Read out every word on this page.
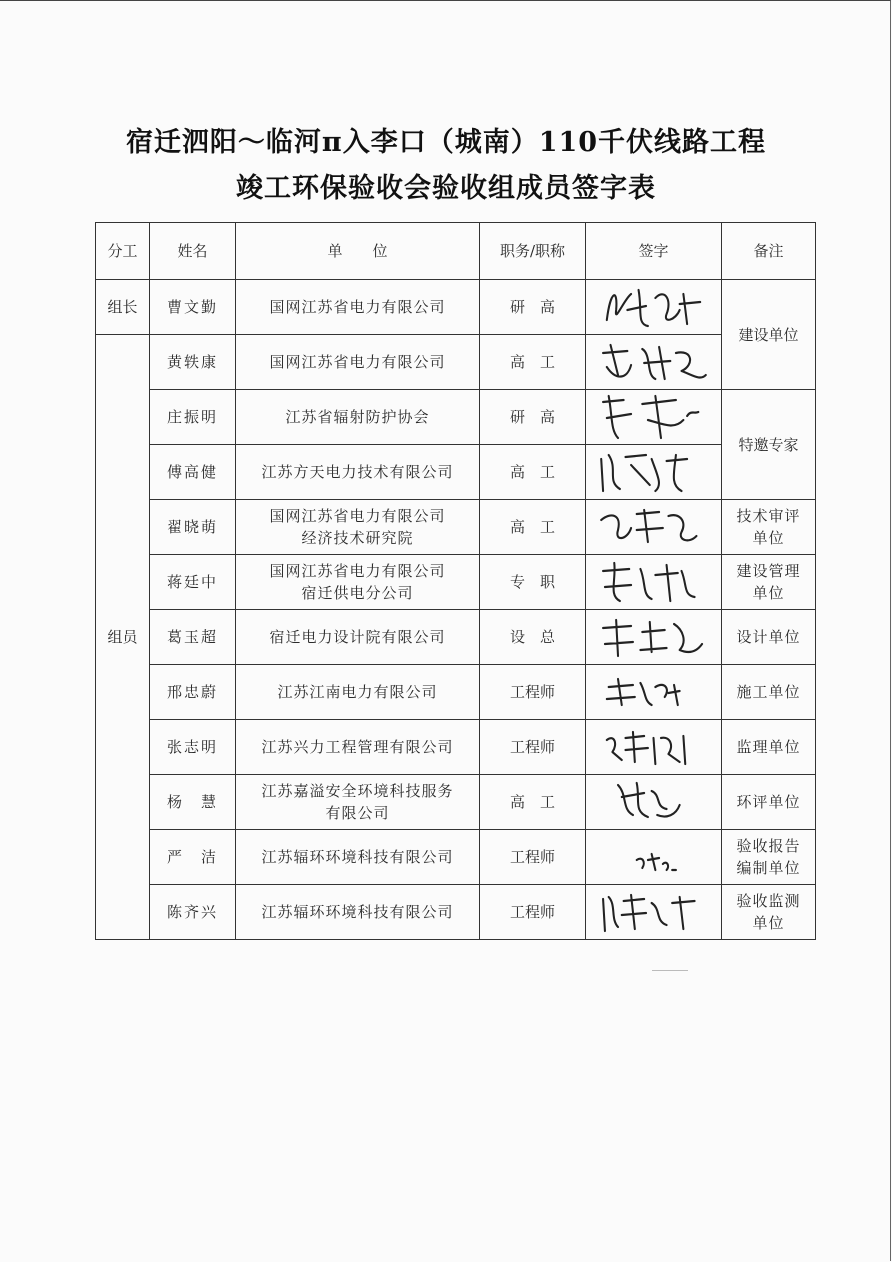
宿迁泗阳～临河π入李口（城南）110千伏线路工程
竣工环保验收会验收组成员签字表
分工	姓名	单　　位	职务/职称	签字	备注
组长	曹文勤	国网江苏省电力有限公司	研　高		建设单位
组员	黄轶康	国网江苏省电力有限公司	高　工	

	庄振明	江苏省辐射防护协会	研　高		特邀专家
	傅高健	江苏方天电力技术有限公司	高　工	

	翟晓萌	国网江苏省电力有限公司
经济技术研究院	高　工		技术审评
单位
	蒋廷中	国网江苏省电力有限公司
宿迁供电分公司	专　职		建设管理
单位
	葛玉超	宿迁电力设计院有限公司	设　总		设计单位
	邢忠蔚	江苏江南电力有限公司	工程师		施工单位
	张志明	江苏兴力工程管理有限公司	工程师		监理单位
	杨　慧	江苏嘉溢安全环境科技服务
有限公司	高　工		环评单位
	严　洁	江苏辐环环境科技有限公司	工程师		验收报告
编制单位
	陈齐兴	江苏辐环环境科技有限公司	工程师		验收监测
单位
